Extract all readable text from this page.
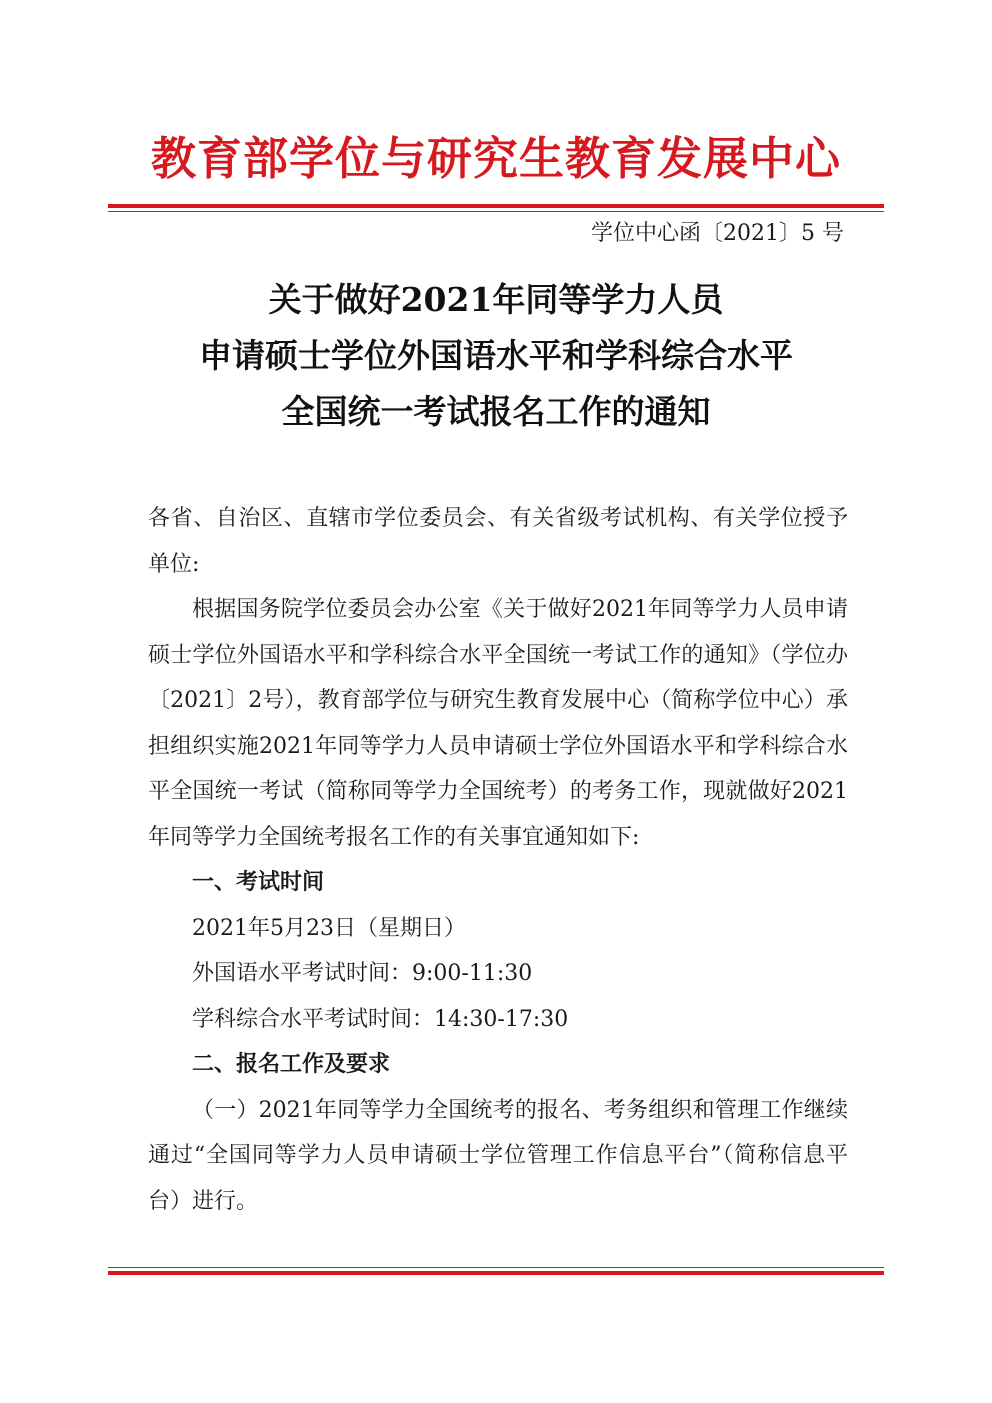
教育部学位与研究生教育发展中心
学位中心函〔2021〕5 号
关于做好2021年同等学力人员
申请硕士学位外国语水平和学科综合水平
全国统一考试报名工作的通知

各省、自治区、直辖市学位委员会、有关省级考试机构、有关学位授予单位:

根据国务院学位委员会办公室《关于做好2021年同等学力人员申请硕士学位外国语水平和学科综合水平全国统一考试工作的通知》（学位办〔2021〕2号），教育部学位与研究生教育发展中心（简称学位中心）承担组织实施2021年同等学力人员申请硕士学位外国语水平和学科综合水平全国统一考试（简称同等学力全国统考）的考务工作，现就做好2021年同等学力全国统考报名工作的有关事宜通知如下:

一、考试时间

2021年5月23日（星期日）

外国语水平考试时间：9:00-11:30

学科综合水平考试时间：14:30-17:30

二、报名工作及要求

（一）2021年同等学力全国统考的报名、考务组织和管理工作继续通过“全国同等学力人员申请硕士学位管理工作信息平台”（简称信息平台）进行。
